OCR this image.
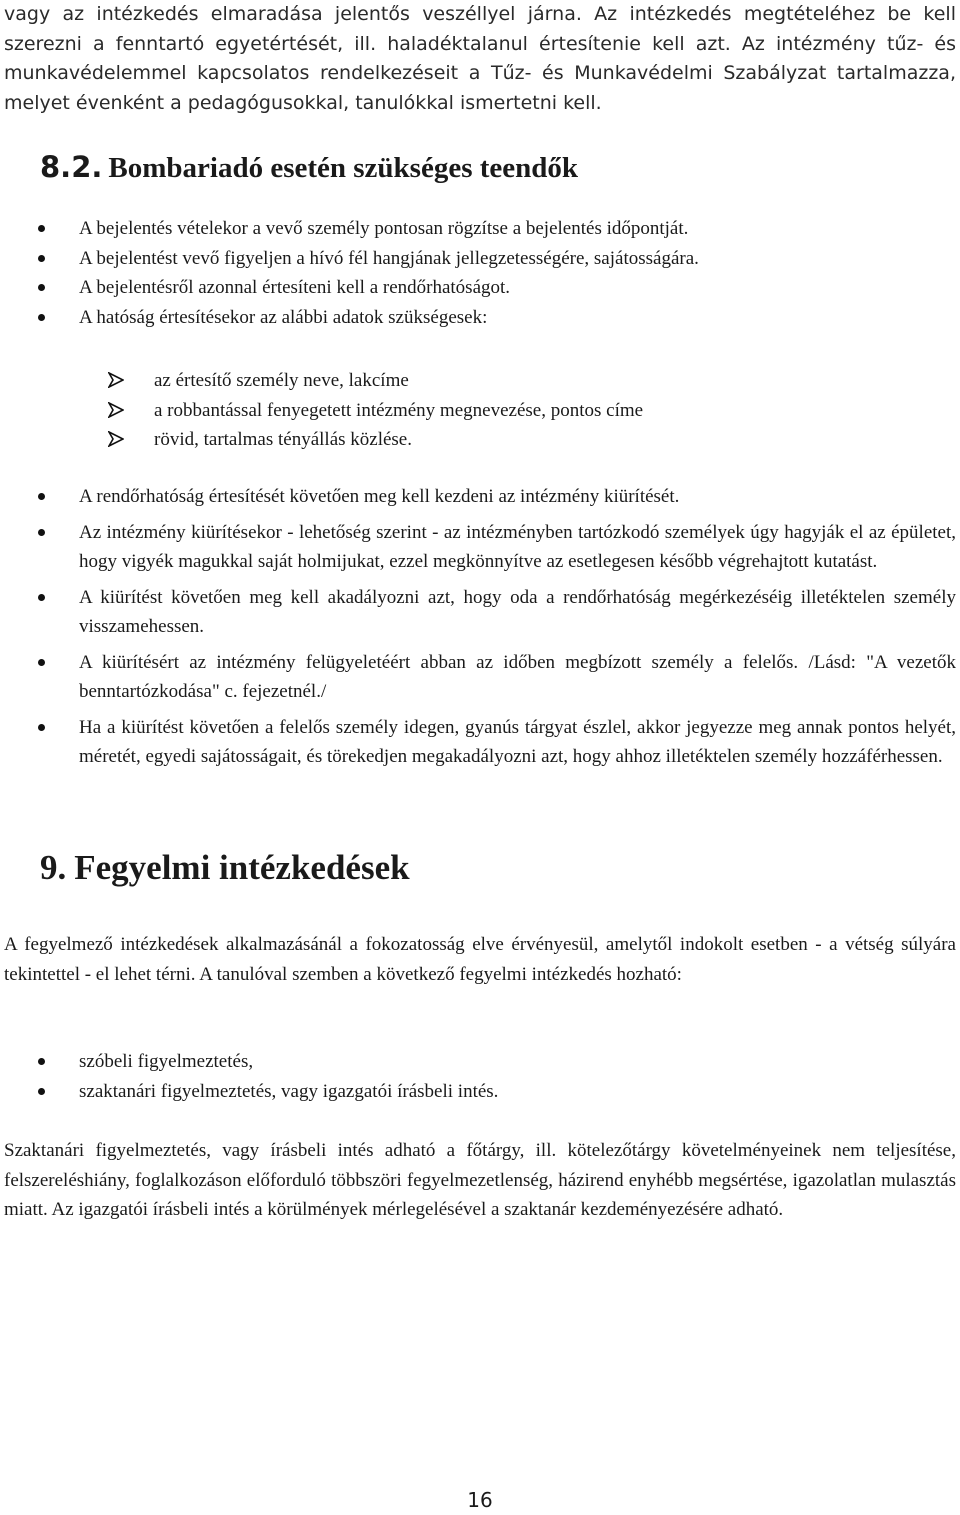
vagy az intézkedés elmaradása jelentős veszéllyel járna. Az intézkedés megtételéhez be kell szerezni a fenntartó egyetértését, ill. haladéktalanul értesítenie kell azt. Az intézmény tűz- és munkavédelemmel kapcsolatos rendelkezéseit a Tűz- és Munkavédelmi Szabályzat tartalmazza, melyet évenként a pedagógusokkal, tanulókkal ismertetni kell.

8.2. Bombariadó esetén szükséges teendők
A bejelentés vételekor a vevő személy pontosan rögzítse a bejelentés időpontját.
A bejelentést vevő figyeljen a hívó fél hangjának jellegzetességére, sajátosságára.
A bejelentésről azonnal értesíteni kell a rendőrhatóságot.
A hatóság értesítésekor az alábbi adatok szükségesek:
az értesítő személy neve, lakcíme
a robbantással fenyegetett intézmény megnevezése, pontos címe
rövid, tartalmas tényállás közlése.
A rendőrhatóság értesítését követően meg kell kezdeni az intézmény kiürítését.
Az intézmény kiürítésekor - lehetőség szerint - az intézményben tartózkodó személyek úgy hagyják el az épületet, hogy vigyék magukkal saját holmijukat, ezzel megkönnyítve az esetlegesen később végrehajtott kutatást.
A kiürítést követően meg kell akadályozni azt, hogy oda a rendőrhatóság megérkezéséig illetéktelen személy visszamehessen.
A kiürítésért az intézmény felügyeletéért abban az időben megbízott személy a felelős. /Lásd: "A vezetők benntartózkodása" c. fejezetnél./
Ha a kiürítést követően a felelős személy idegen, gyanús tárgyat észlel, akkor jegyezze meg annak pontos helyét, méretét, egyedi sajátosságait, és törekedjen megakadályozni azt, hogy ahhoz illetéktelen személy hozzáférhessen.
9. Fegyelmi intézkedések

A fegyelmező intézkedések alkalmazásánál a fokozatosság elve érvényesül, amelytől indokolt esetben - a vétség súlyára tekintettel - el lehet térni. A tanulóval szemben a következő fegyelmi intézkedés hozható:

szóbeli figyelmeztetés,
szaktanári figyelmeztetés, vagy igazgatói írásbeli intés.

Szaktanári figyelmeztetés, vagy írásbeli intés adható a főtárgy, ill. kötelezőtárgy követelményeinek nem teljesítése, felszereléshiány, foglalkozáson előforduló többszöri fegyelmezetlenség, házirend enyhébb megsértése, igazolatlan mulasztás miatt. Az igazgatói írásbeli intés a körülmények mérlegelésével a szaktanár kezdeményezésére adható.

16
